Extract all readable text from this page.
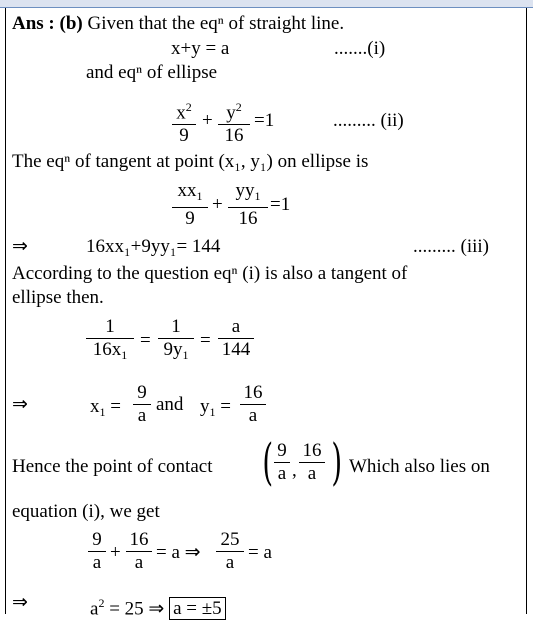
Ans : (b) Given that the eqⁿ of straight line.
x+y = a	.......(i)
and eqⁿ of ellipse
$x^2$
9
+ $y^2$
16
=1	......... (ii)
The eqⁿ of tangent at point (x₁, y₁) on ellipse is
$xx_1$
9
+
$yy_1$
16
=1
⇒	16xx₁+9yy₁= 144	......... (iii)
According to the question eqⁿ (i) is also a tangent of
ellipse then.
1
$16x_1$
=
1
$9y_1$
=
a
144
⇒	$x_1$ =
9
a
and $y_1$ =
16
a
Hence the point of contact ( 9
a ,
16
a ) Which also lies on
equation (i), we get
9
a +
16
a = a ⇒
25
a = a
⇒	$a^2 = 25$ ⇒ a = ±5
